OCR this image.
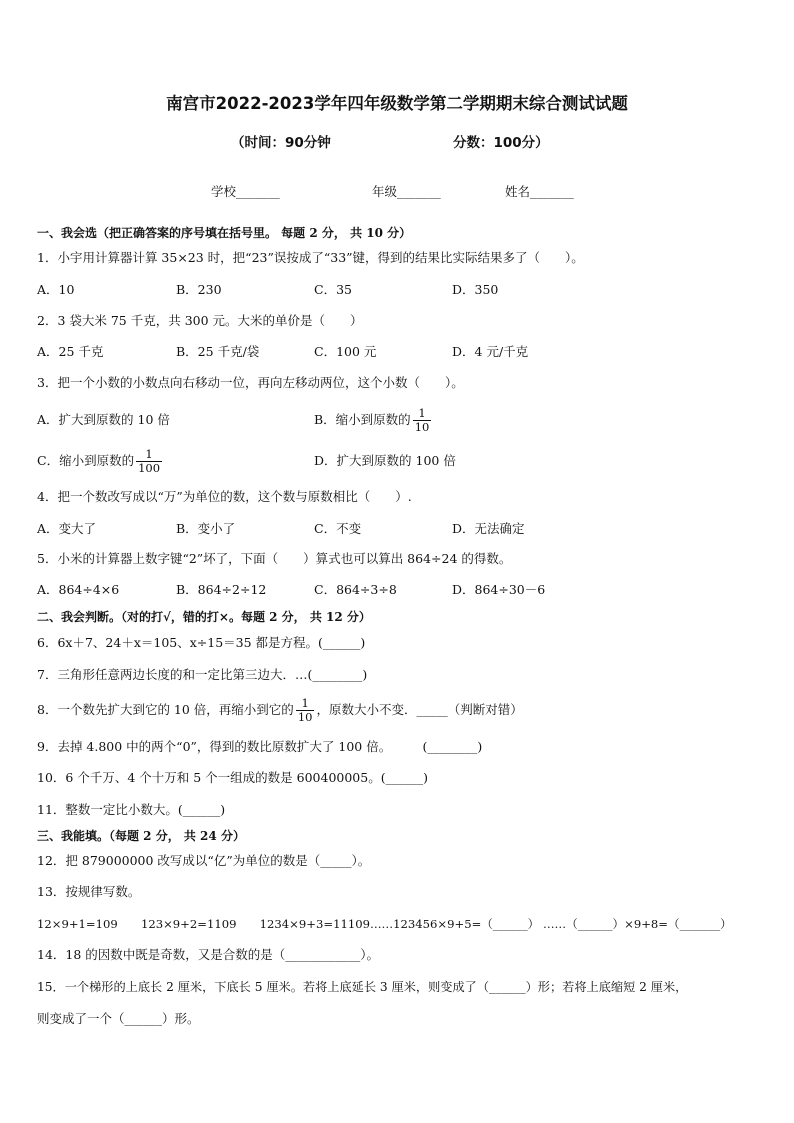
南宫市2022-2023学年四年级数学第二学期期末综合测试试题
（时间：90分钟	分数：100分）
学校_______	年级_______	姓名_______
一、我会选（把正确答案的序号填在括号里。 每题 2 分， 共 10 分）
1．小宇用计算器计算 35×23 时，把“23”误按成了“33”键，得到的结果比实际结果多了（　　）。
A．10	B．230	C．35	D．350
2．3 袋大米 75 千克，共 300 元。大米的单价是（　　）
A．25 千克	B．25 千克/袋	C．100 元	D．4 元/千克
3．把一个小数的小数点向右移动一位，再向左移动两位，这个小数（　　）。
A．扩大到原数的 10 倍	B．缩小到原数的 $\frac{1}{10}$
C．缩小到原数的 $\frac{1}{100}$	D．扩大到原数的 100 倍
4．把一个数改写成以“万”为单位的数，这个数与原数相比（　　）.
A．变大了	B．变小了	C．不变	D．无法确定
5．小米的计算器上数字键“2”坏了，下面（　　）算式也可以算出 864÷24 的得数。
A．864÷4×6	B．864÷2÷12	C．864÷3÷8	D．864÷30－6
二、我会判断。（对的打√，错的打×。每题 2 分， 共 12 分）
6．6x＋7、24＋x＝105、x÷15＝35 都是方程。(______)
7．三角形任意两边长度的和一定比第三边大．…(________)
8．一个数先扩大到它的 10 倍，再缩小到它的 $\frac{1}{10}$ ，原数大小不变．_____（判断对错）
9．去掉 4.800 中的两个“0”，得到的数比原数扩大了 100 倍。　　　(________)
10．6 个千万、4 个十万和 5 个一组成的数是 600400005。(______)
11．整数一定比小数大。(______)
三、我能填。（每题 2 分， 共 24 分）
12．把 879000000 改写成以“亿”为单位的数是（_____）。
13．按规律写数。
12×9+1=109　　123×9+2=1109　　1234×9+3=11109……123456×9+5=（______） ……（______）×9+8=（_______）
14．18 的因数中既是奇数，又是合数的是（____________）。
15．一个梯形的上底长 2 厘米，下底长 5 厘米。若将上底延长 3 厘米，则变成了（______）形；若将上底缩短 2 厘米，
则变成了一个（______）形。
